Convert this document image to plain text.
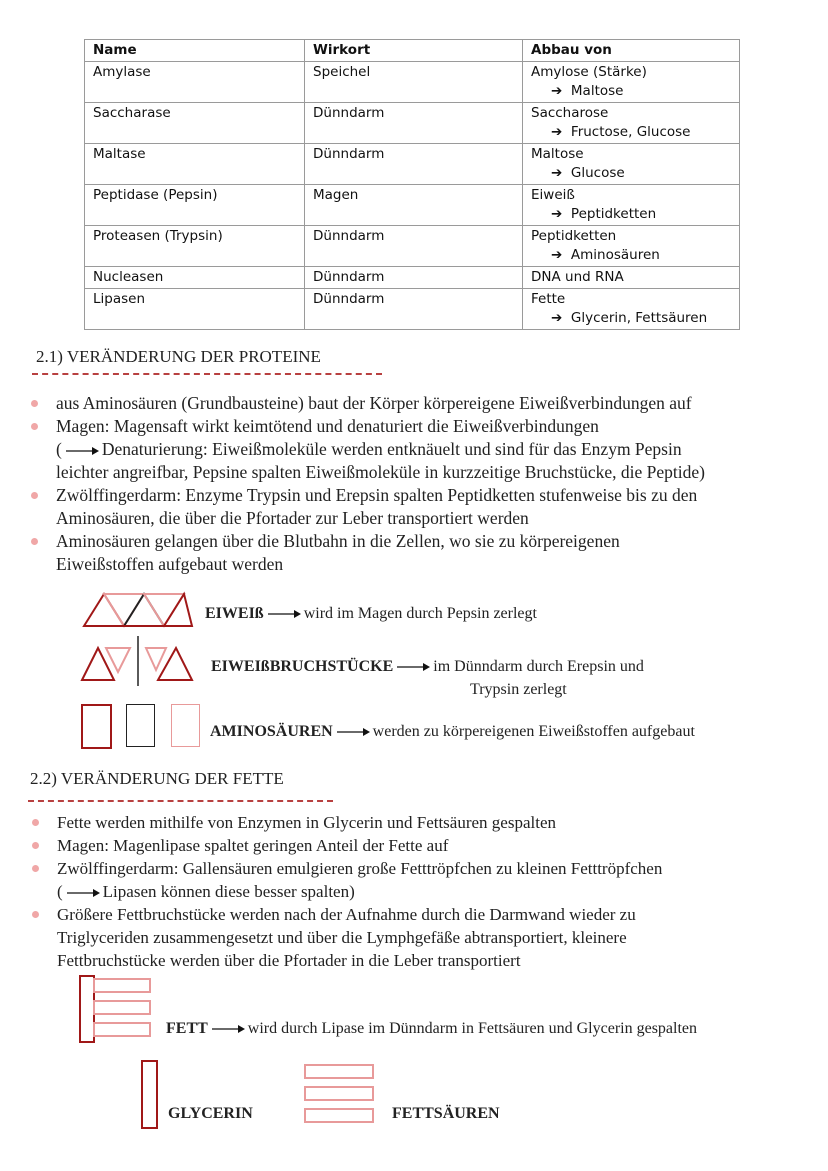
Name	Wirkort	Abbau von
Amylase	Speichel	Amylose (Stärke)
➔ Maltose

Saccharase	Dünndarm	Saccharose
➔ Fructose, Glucose

Maltase	Dünndarm	Maltose
➔ Glucose

Peptidase (Pepsin)	Magen	Eiweiß
➔ Peptidketten

Proteasen (Trypsin)	Dünndarm	Peptidketten
➔ Aminosäuren

Nucleasen	Dünndarm	DNA und RNA

Lipasen	Dünndarm	Fette
➔ Glycerin, Fettsäuren
2.1) VERÄNDERUNG DER PROTEINE
aus Aminosäuren (Grundbausteine) baut der Körper körpereigene Eiweißverbindungen auf
Magen: Magensaft wirkt keimtötend und denaturiert die Eiweißverbindungen
( Denaturierung: Eiweißmoleküle werden entknäuelt und sind für das Enzym Pepsin
leichter angreifbar, Pepsine spalten Eiweißmoleküle in kurzzeitige Bruchstücke, die Peptide)
Zwölffingerdarm: Enzyme Trypsin und Erepsin spalten Peptidketten stufenweise bis zu den
Aminosäuren, die über die Pfortader zur Leber transportiert werden
Aminosäuren gelangen über die Blutbahn in die Zellen, wo sie zu körpereigenen
Eiweißstoffen aufgebaut werden
EIWEIß	wird im Magen durch Pepsin zerlegt
EIWEIßBRUCHSTÜCKE	im Dünndarm durch Erepsin und
Trypsin zerlegt
AMINOSÄUREN	werden zu körpereigenen Eiweißstoffen aufgebaut
2.2) VERÄNDERUNG DER FETTE
Fette werden mithilfe von Enzymen in Glycerin und Fettsäuren gespalten
Magen: Magenlipase spaltet geringen Anteil der Fette auf
Zwölffingerdarm: Gallensäuren emulgieren große Fetttröpfchen zu kleinen Fetttröpfchen
( Lipasen können diese besser spalten)
Größere Fettbruchstücke werden nach der Aufnahme durch die Darmwand wieder zu
Triglyceriden zusammengesetzt und über die Lymphgefäße abtransportiert, kleinere
Fettbruchstücke werden über die Pfortader in die Leber transportiert
FETT	wird durch Lipase im Dünndarm in Fettsäuren und Glycerin gespalten
GLYCERIN	FETTSÄUREN
